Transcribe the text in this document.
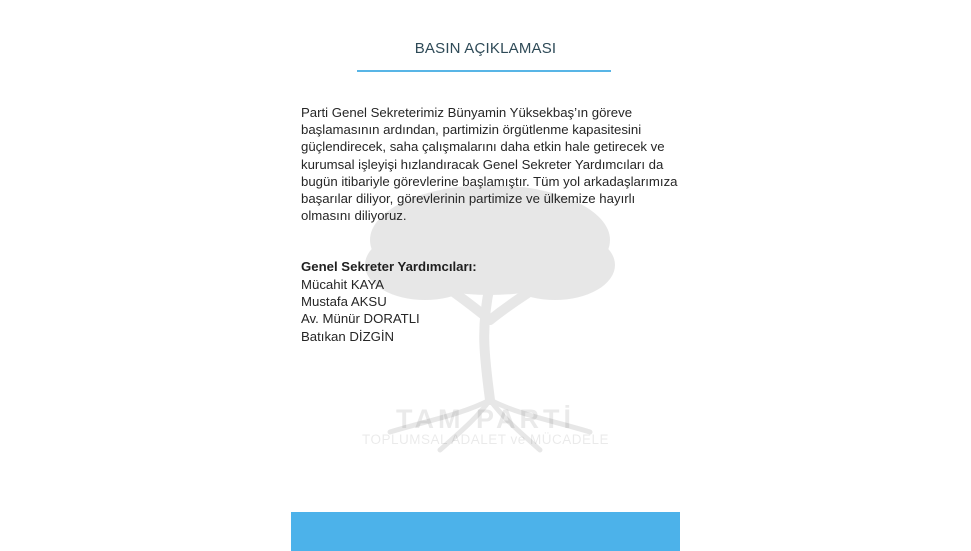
TAM PARTİ
TOPLUMSAL ADALET ve MÜCADELE
BASIN AÇIKLAMASI

Parti Genel Sekreterimiz Bünyamin Yüksekbaş’ın göreve başlamasının ardından, partimizin örgütlenme kapasitesini güçlendirecek, saha çalışmalarını daha etkin hale getirecek ve kurumsal işleyişi hızlandıracak Genel Sekreter Yardımcıları da bugün itibariyle görevlerine başlamıştır. Tüm yol arkadaşlarımıza başarılar diliyor, görevlerinin partimize ve ülkemize hayırlı olmasını diliyoruz.

Genel Sekreter Yardımcıları:
Mücahit KAYA
Mustafa AKSU
Av. Münür DORATLI
Batıkan DİZGİN
